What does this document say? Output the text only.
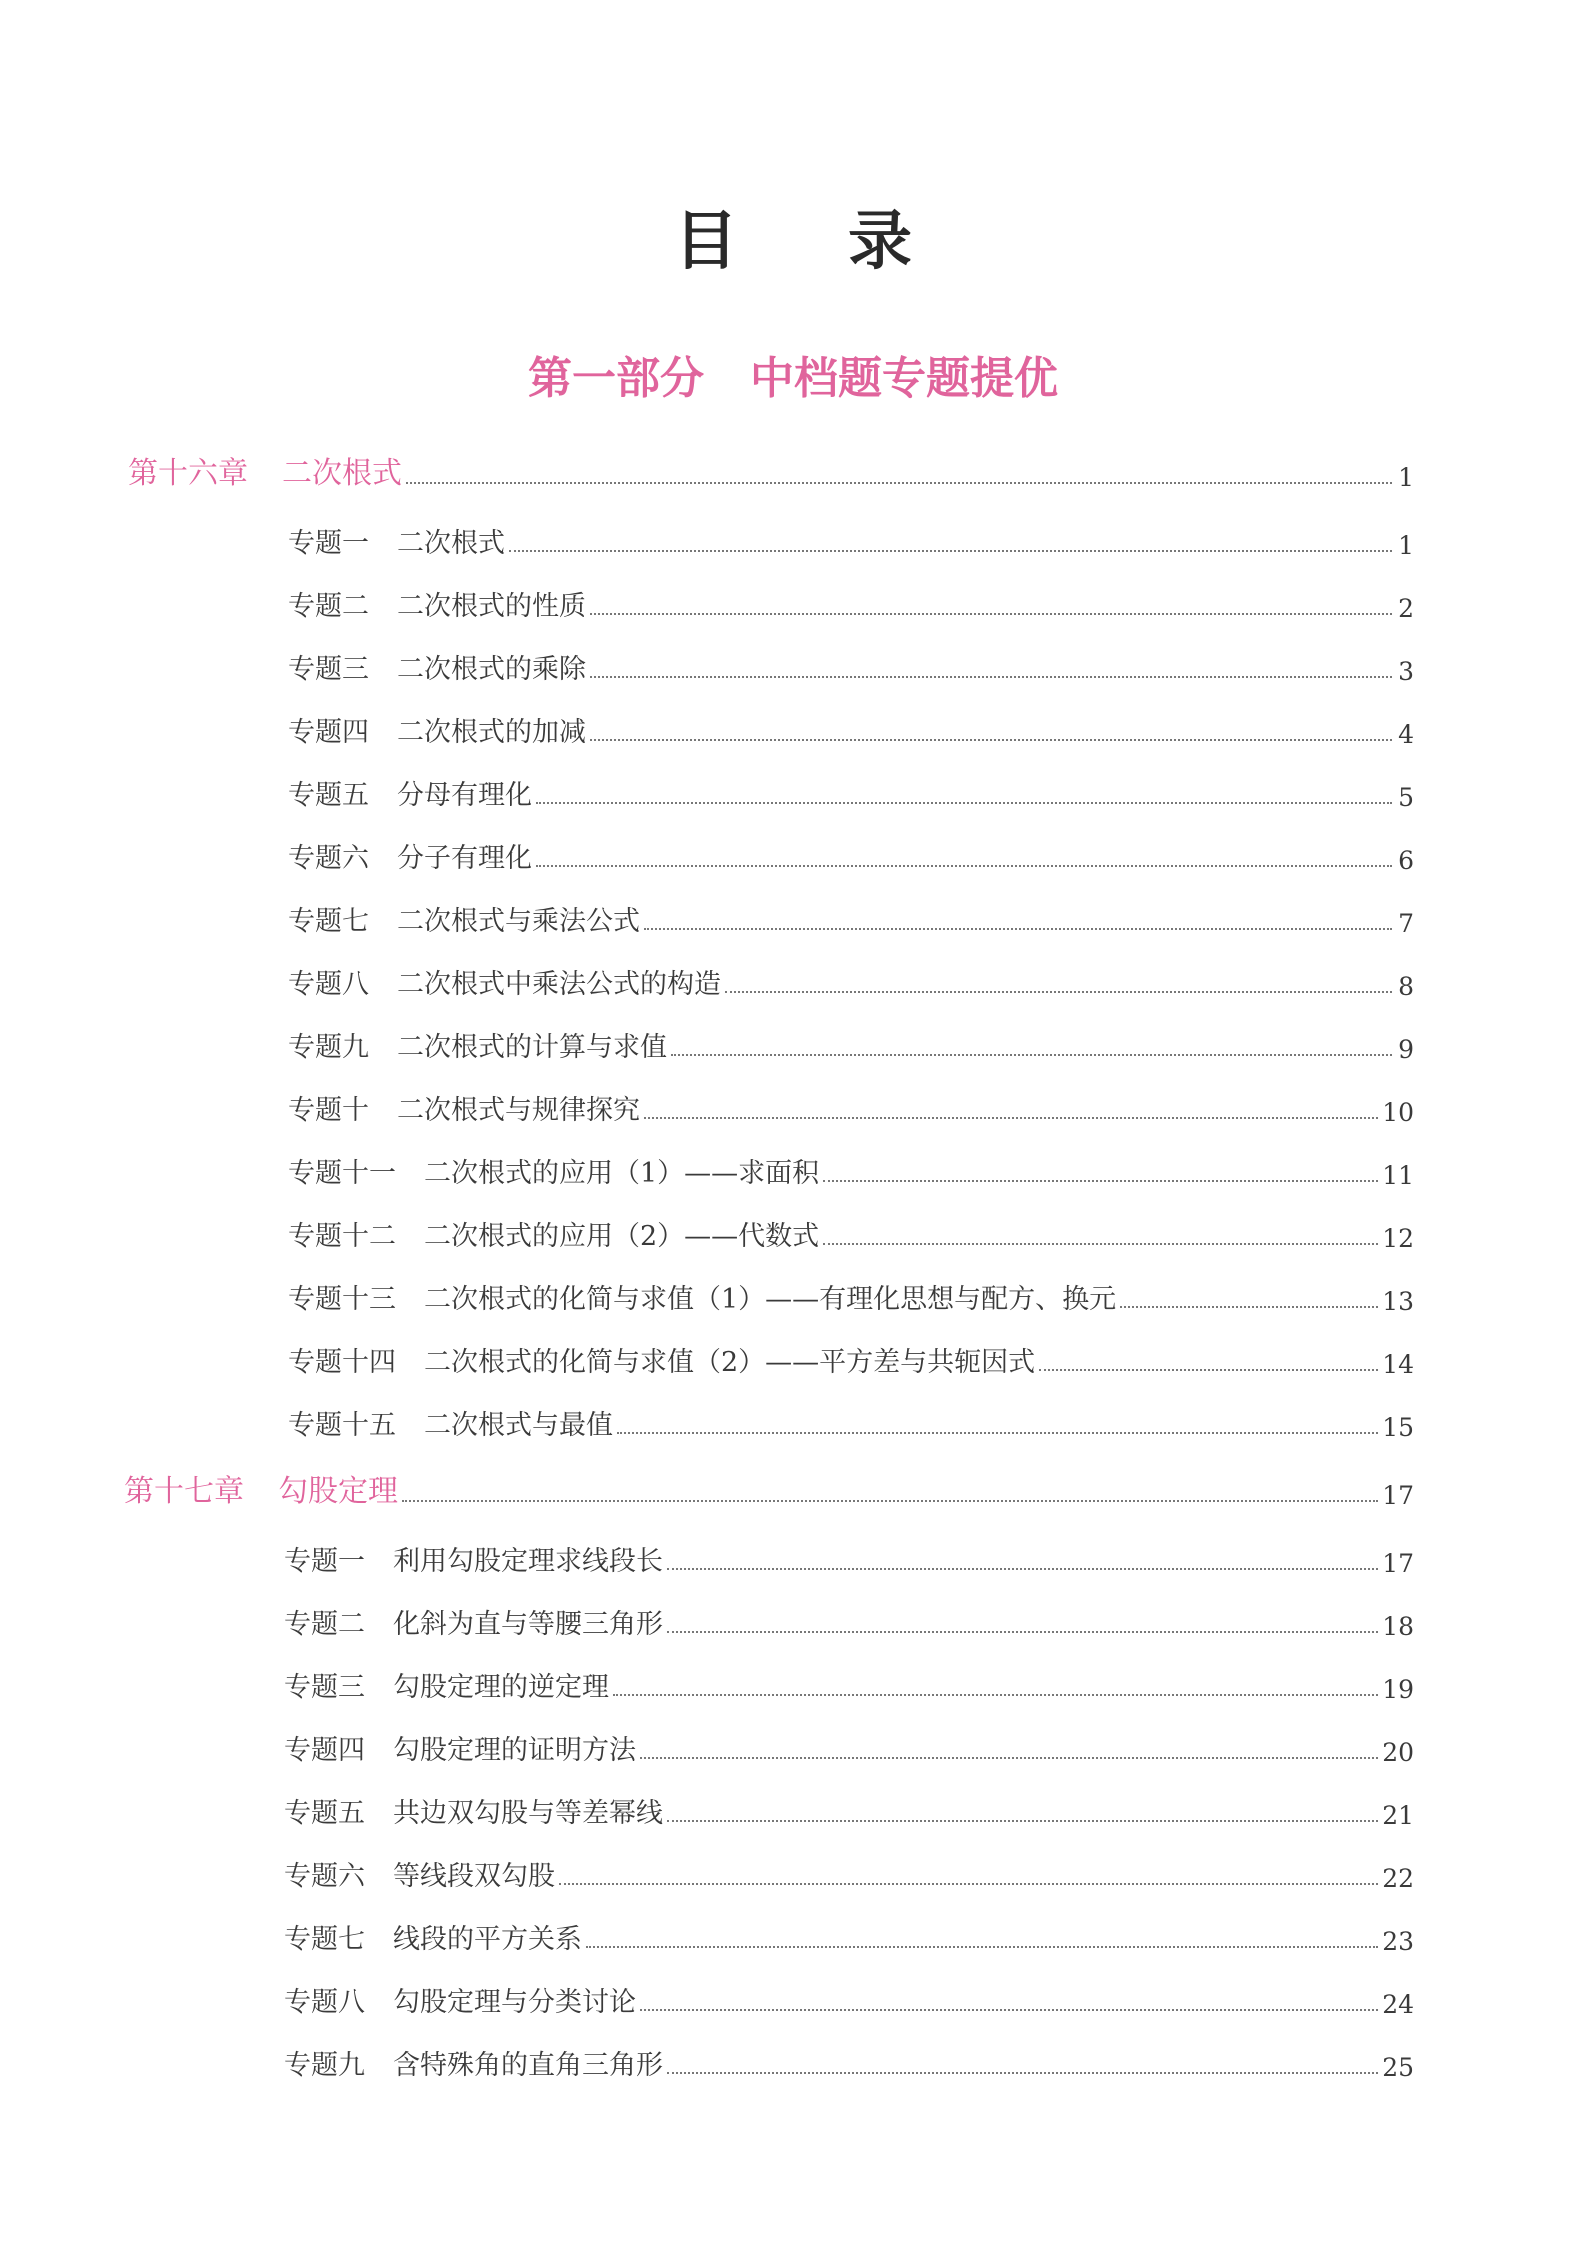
目 录
第一部分 中档题专题提优
第十六章 二次根式	1
专题一 二次根式	1
专题二 二次根式的性质	2
专题三 二次根式的乘除	3
专题四 二次根式的加减	4
专题五 分母有理化	5
专题六 分子有理化	6
专题七 二次根式与乘法公式	7
专题八 二次根式中乘法公式的构造	8
专题九 二次根式的计算与求值	9
专题十 二次根式与规律探究	10
专题十一 二次根式的应用（1）——求面积	11
专题十二 二次根式的应用（2）——代数式	12
专题十三 二次根式的化简与求值（1）——有理化思想与配方、换元	13
专题十四 二次根式的化简与求值（2）——平方差与共轭因式	14
专题十五 二次根式与最值	15
第十七章 勾股定理	17
专题一 利用勾股定理求线段长	17
专题二 化斜为直与等腰三角形	18
专题三 勾股定理的逆定理	19
专题四 勾股定理的证明方法	20
专题五 共边双勾股与等差幂线	21
专题六 等线段双勾股	22
专题七 线段的平方关系	23
专题八 勾股定理与分类讨论	24
专题九 含特殊角的直角三角形	25
